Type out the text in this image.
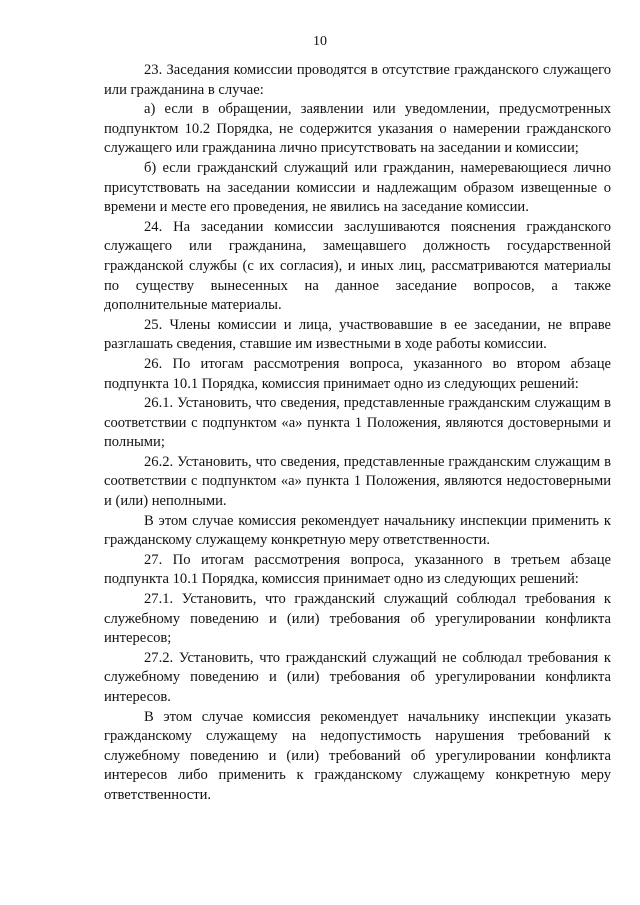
10

23. Заседания комиссии проводятся в отсутствие гражданского служащего или гражданина в случае:

а) если в обращении, заявлении или уведомлении, предусмотренных подпунктом 10.2 Порядка, не содержится указания о намерении гражданского служащего или гражданина лично присутствовать на заседании и комиссии;

б) если гражданский служащий или гражданин, намеревающиеся лично присутствовать на заседании комиссии и надлежащим образом извещенные о времени и месте его проведения, не явились на заседание комиссии.

24. На заседании комиссии заслушиваются пояснения гражданского служащего или гражданина, замещавшего должность государственной гражданской службы (с их согласия), и иных лиц, рассматриваются материалы по существу вынесенных на данное заседание вопросов, а также дополнительные материалы.

25. Члены комиссии и лица, участвовавшие в ее заседании, не вправе разглашать сведения, ставшие им известными в ходе работы комиссии.

26. По итогам рассмотрения вопроса, указанного во втором абзаце подпункта 10.1 Порядка, комиссия принимает одно из следующих решений:

26.1. Установить, что сведения, представленные гражданским служащим в соответствии с подпунктом «а» пункта 1 Положения, являются достоверными и полными;

26.2. Установить, что сведения, представленные гражданским служащим в соответствии с подпунктом «а» пункта 1 Положения, являются недостоверными и (или) неполными.

В этом случае комиссия рекомендует начальнику инспекции применить к гражданскому служащему конкретную меру ответственности.

27. По итогам рассмотрения вопроса, указанного в третьем абзаце подпункта 10.1 Порядка, комиссия принимает одно из следующих решений:

27.1. Установить, что гражданский служащий соблюдал требования к служебному поведению и (или) требования об урегулировании конфликта интересов;

27.2. Установить, что гражданский служащий не соблюдал требования к служебному поведению и (или) требования об урегулировании конфликта интересов.

В этом случае комиссия рекомендует начальнику инспекции указать гражданскому служащему на недопустимость нарушения требований к служебному поведению и (или) требований об урегулировании конфликта интересов либо применить к гражданскому служащему конкретную меру ответственности.
